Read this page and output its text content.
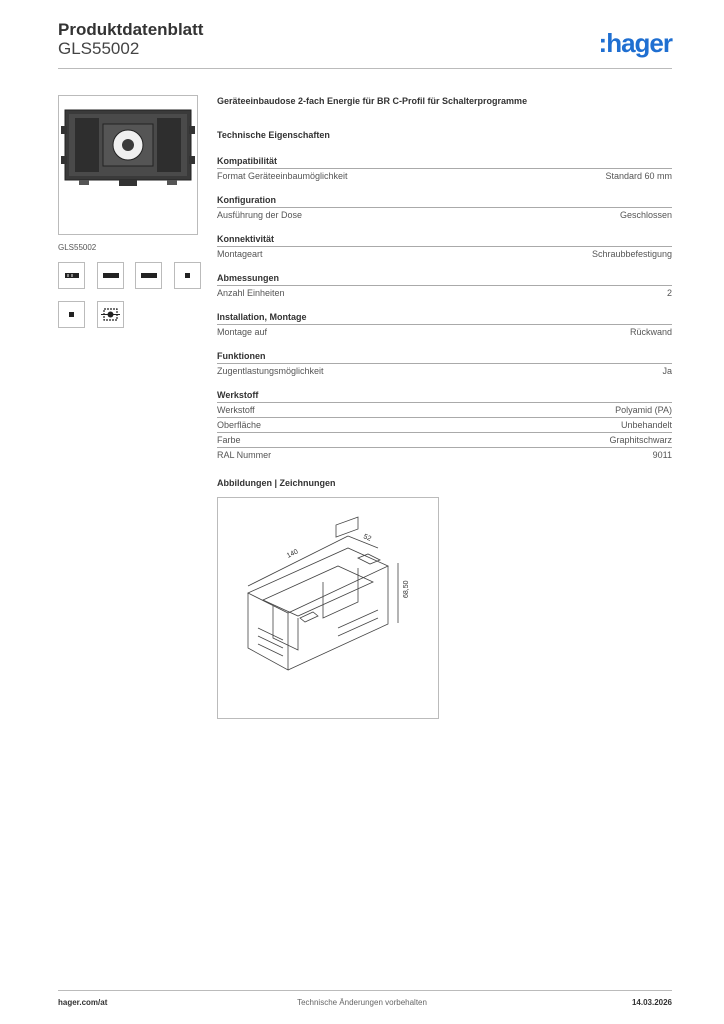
Produktdatenblatt
GLS55002	:hager
GLS55002
Geräteeinbaudose 2-fach Energie für BR C-Profil für Schalterprogramme
Technische Eigenschaften
Kompatibilität
Format Geräteeinbaumöglichkeit	Standard 60 mm
Konfiguration
Ausführung der Dose	Geschlossen
Konnektivität
Montageart	Schraubbefestigung
Abmessungen
Anzahl Einheiten	2
Installation, Montage
Montage auf	Rückwand
Funktionen
Zugentlastungsmöglichkeit	Ja
Werkstoff
Werkstoff	Polyamid (PA)
Oberfläche	Unbehandelt
Farbe	Graphitschwarz
RAL Nummer	9011
Abbildungen | Zeichnungen
140
52
68,50
hager.com/at	Technische Änderungen vorbehalten	14.03.2026
